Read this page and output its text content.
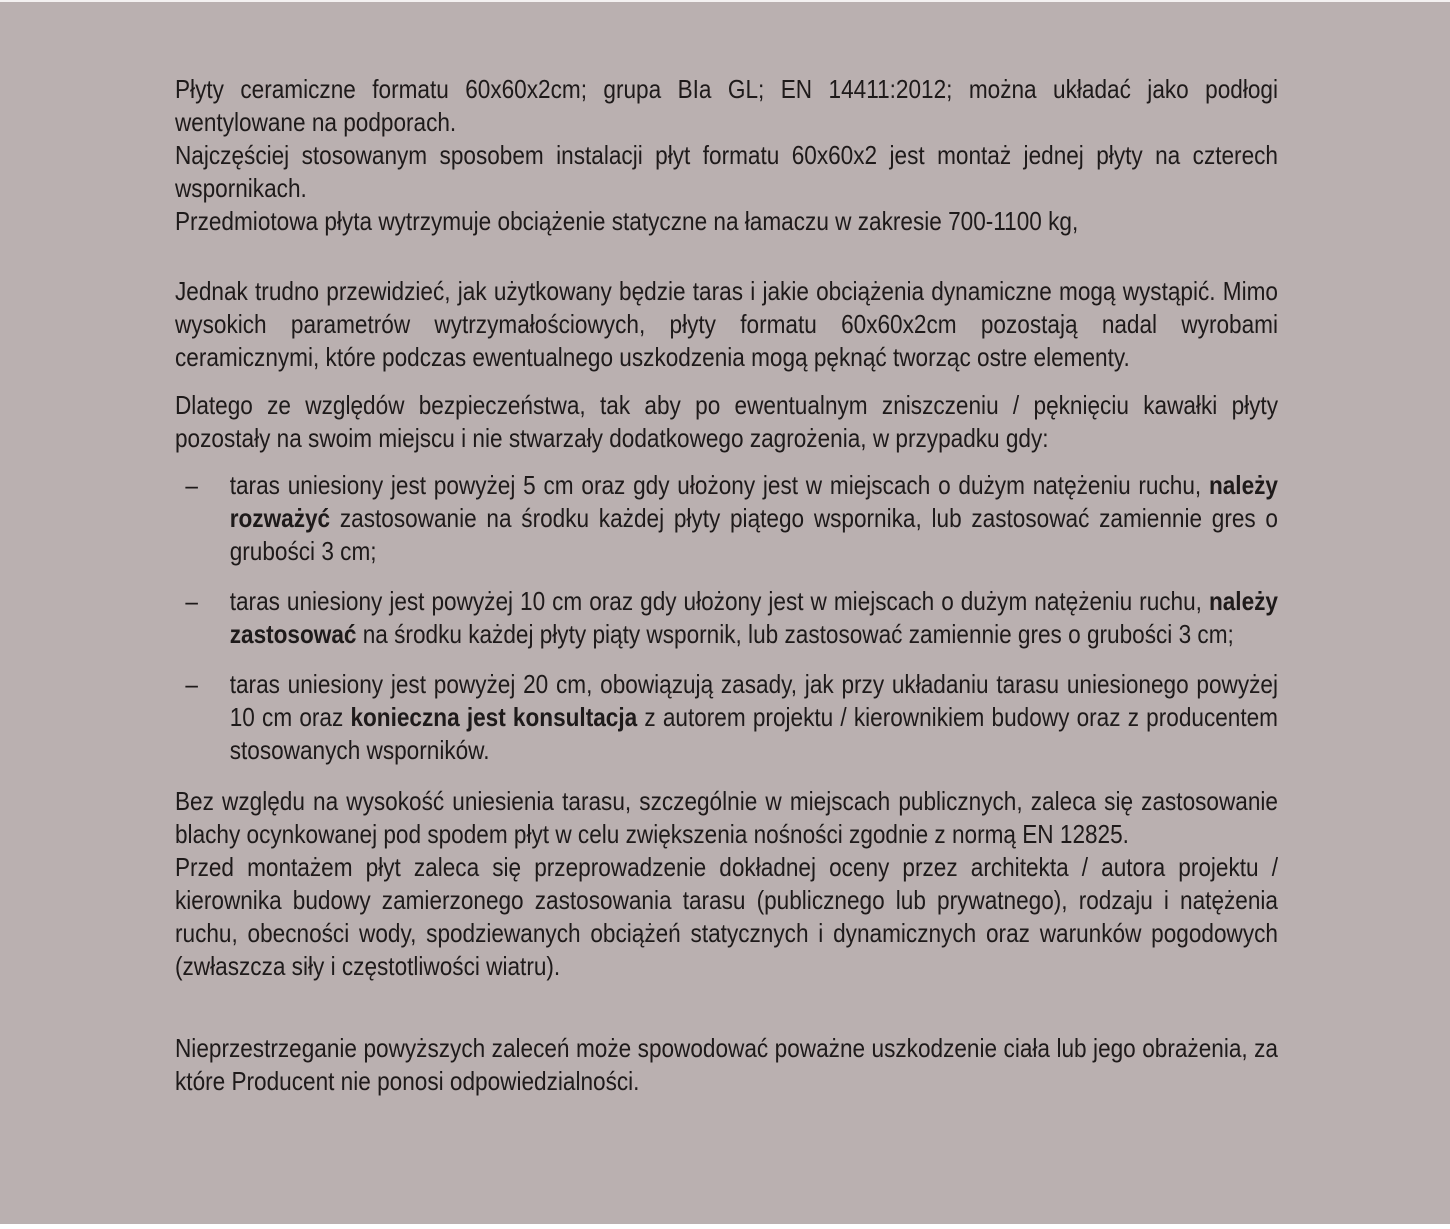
Płyty ceramiczne formatu 60x60x2cm; grupa BIa GL; EN 14411:2012; można układać jako podłogi wentylowane na podporach.

Najczęściej stosowanym sposobem instalacji płyt formatu 60x60x2 jest montaż jednej płyty na czterech wspornikach.

Przedmiotowa płyta wytrzymuje obciążenie statyczne na łamaczu w zakresie 700-1100 kg,

Jednak trudno przewidzieć, jak użytkowany będzie taras i jakie obciążenia dynamiczne mogą wystąpić. Mimo wysokich parametrów wytrzymałościowych, płyty formatu 60x60x2cm pozostają nadal wyrobami ceramicznymi, które podczas ewentualnego uszkodzenia mogą pęknąć tworząc ostre elementy.

Dlatego ze względów bezpieczeństwa, tak aby po ewentualnym zniszczeniu / pęknięciu kawałki płyty pozostały na swoim miejscu i nie stwarzały dodatkowego zagrożenia, w przypadku gdy:

– taras uniesiony jest powyżej 5 cm oraz gdy ułożony jest w miejscach o dużym natężeniu ruchu, należy rozważyć zastosowanie na środku każdej płyty piątego wspornika, lub zastosować zamiennie gres o grubości 3 cm;
– taras uniesiony jest powyżej 10 cm oraz gdy ułożony jest w miejscach o dużym natężeniu ruchu, należy zastosować na środku każdej płyty piąty wspornik, lub zastosować zamiennie gres o grubości 3 cm;
– taras uniesiony jest powyżej 20 cm, obowiązują zasady, jak przy układaniu tarasu uniesionego powyżej 10 cm oraz konieczna jest konsultacja z autorem projektu / kierownikiem budowy oraz z producentem stosowanych wsporników.

Bez względu na wysokość uniesienia tarasu, szczególnie w miejscach publicznych, zaleca się zastosowanie blachy ocynkowanej pod spodem płyt w celu zwiększenia nośności zgodnie z normą EN 12825.

Przed montażem płyt zaleca się przeprowadzenie dokładnej oceny przez architekta / autora projektu / kierownika budowy zamierzonego zastosowania tarasu (publicznego lub prywatnego), rodzaju i natężenia ruchu, obecności wody, spodziewanych obciążeń statycznych i dynamicznych oraz warunków pogodowych (zwłaszcza siły i częstotliwości wiatru).

Nieprzestrzeganie powyższych zaleceń może spowodować poważne uszkodzenie ciała lub jego obrażenia, za które Producent nie ponosi odpowiedzialności.
